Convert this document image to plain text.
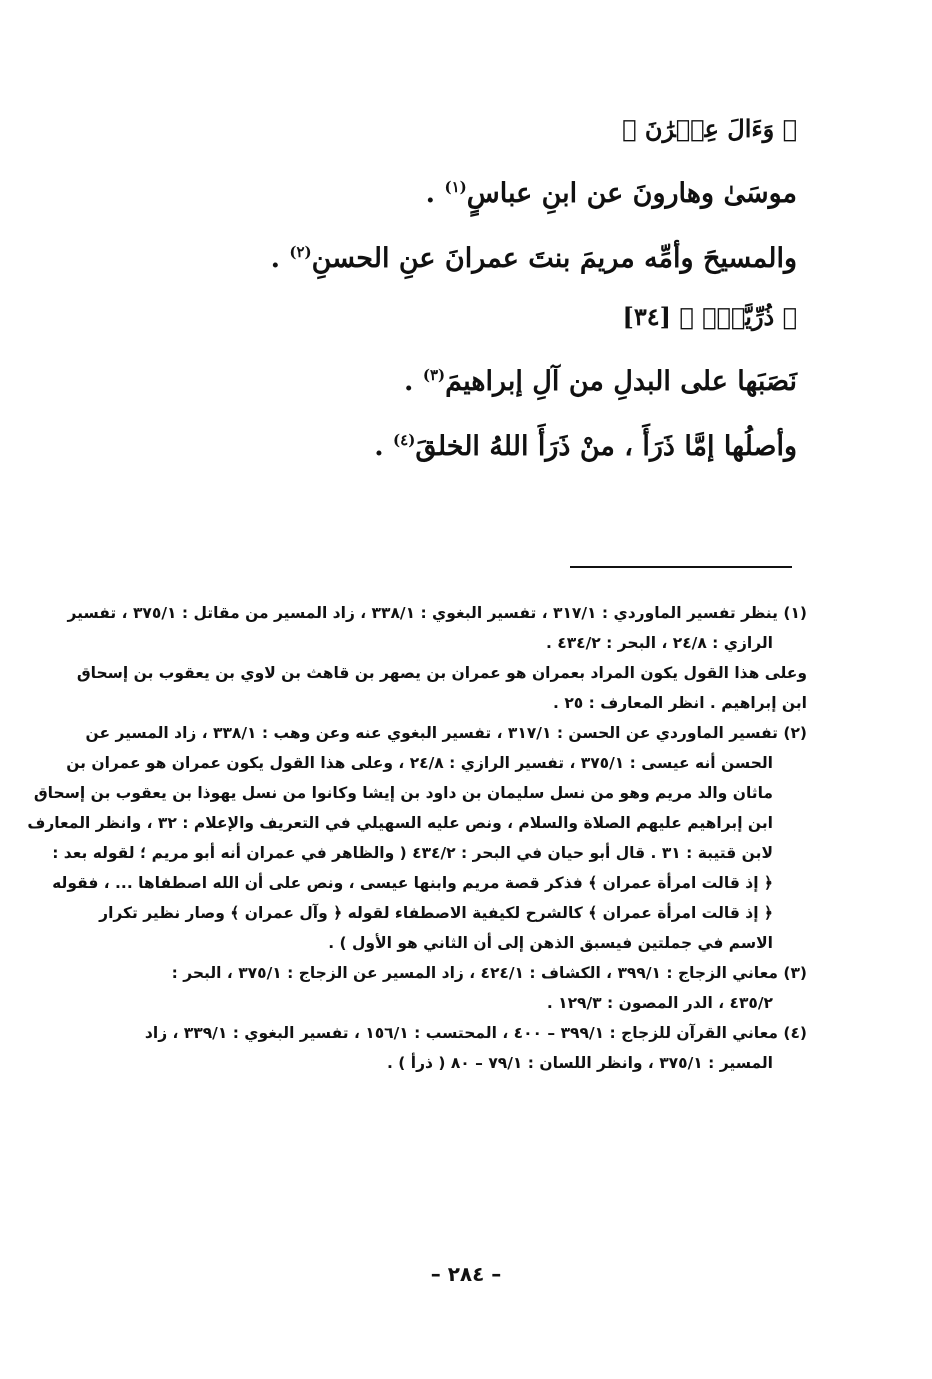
﴿ وَءَالَ عِمۡرَٰنَ ﴾

موسَىٰ وهارونَ عن ابنِ عباسٍ$^{(١)}$ .

والمسيحَ وأمِّه مريمَ بنتَ عمرانَ عنِ الحسنِ$^{(٢)}$ .

﴿ ذُرِّيَّةَۢ ﴾ [٣٤]

نَصَبَها على البدلِ من آلِ إبراهيمَ$^{(٣)}$ .

وأصلُها إمَّا ذَرَأَ ، منْ ذَرَأَ اللهُ الخلقَ$^{(٤)}$ .

(١) ينظر تفسير الماوردي : ٣١٧/١ ، تفسير البغوي : ٣٣٨/١ ، زاد المسير من مقاتل : ٣٧٥/١ ، تفسير

الرازي : ٢٤/٨ ، البحر : ٤٣٤/٢ .

وعلى هذا القول يكون المراد بعمران هو عمران بن يصهر بن قاهث بن لاوي بن يعقوب بن إسحاق

ابن إبراهيم . انظر المعارف : ٢٥ .

(٢) تفسير الماوردي عن الحسن : ٣١٧/١ ، تفسير البغوي عنه وعن وهب : ٣٣٨/١ ، زاد المسير عن

الحسن أنه عيسى : ٣٧٥/١ ، تفسير الرازي : ٢٤/٨ ، وعلى هذا القول يكون عمران هو عمران بن

ماثان والد مريم وهو من نسل سليمان بن داود بن إيشا وكانوا من نسل يهوذا بن يعقوب بن إسحاق

ابن إبراهيم عليهم الصلاة والسلام ، ونص عليه السهيلي في التعريف والإعلام : ٣٢ ، وانظر المعارف

لابن قتيبة : ٣١ . قال أبو حيان في البحر : ٤٣٤/٢ ( والظاهر في عمران أنه أبو مريم ؛ لقوله بعد :

﴿ إذ قالت امرأة عمران ﴾ فذكر قصة مريم وابنها عيسى ، ونص على أن الله اصطفاها ... ، فقوله

﴿ إذ قالت امرأة عمران ﴾ كالشرح لكيفية الاصطفاء لقوله ﴿ وآل عمران ﴾ وصار نظير تكرار

الاسم في جملتين فيسبق الذهن إلى أن الثاني هو الأول ) .

(٣) معاني الزجاج : ٣٩٩/١ ، الكشاف : ٤٢٤/١ ، زاد المسير عن الزجاج : ٣٧٥/١ ، البحر :

٤٣٥/٢ ، الدر المصون : ١٢٩/٣ .

(٤) معاني القرآن للزجاج : ٣٩٩/١ – ٤٠٠ ، المحتسب : ١٥٦/١ ، تفسير البغوي : ٣٣٩/١ ، زاد

المسير : ٣٧٥/١ ، وانظر اللسان : ٧٩/١ – ٨٠ ( ذرأ ) .

– ٢٨٤ –
